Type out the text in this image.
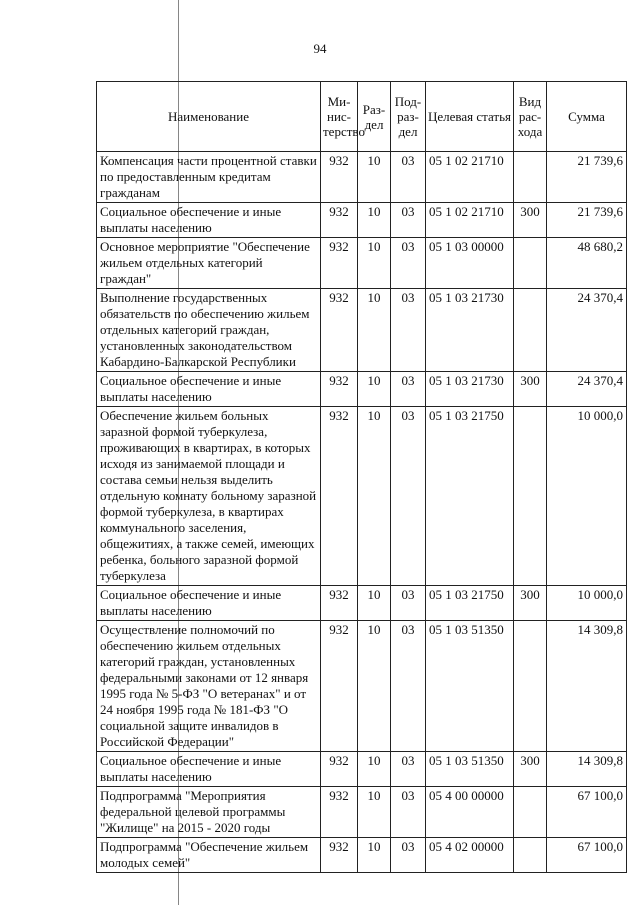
94
Наименование	Ми-нис-терство	Раз-дел	Под-раз-дел	Целевая статья	Вид рас-хода	Сумма
Компенсация части процентной ставки по предоставленным кредитам гражданам	932	10	03	05 1 02 21710		21 739,6
Социальное обеспечение и иные выплаты населению	932	10	03	05 1 02 21710	300	21 739,6
Основное мероприятие "Обеспечение жильем отдельных категорий граждан"	932	10	03	05 1 03 00000		48 680,2
Выполнение государственных обязательств по обеспечению жильем отдельных категорий граждан, установленных законодательством Кабардино-Балкарской Республики	932	10	03	05 1 03 21730		24 370,4
Социальное обеспечение и иные выплаты населению	932	10	03	05 1 03 21730	300	24 370,4
Обеспечение жильем больных заразной формой туберкулеза, проживающих в квартирах, в которых исходя из занимаемой площади и состава семьи нельзя выделить отдельную комнату больному заразной формой туберкулеза, в квартирах коммунального заселения, общежитиях, а также семей, имеющих ребенка, больного заразной формой туберкулеза	932	10	03	05 1 03 21750		10 000,0
Социальное обеспечение и иные выплаты населению	932	10	03	05 1 03 21750	300	10 000,0
Осуществление полномочий по обеспечению жильем отдельных категорий граждан, установленных федеральными законами от 12 января 1995 года № 5-ФЗ "О ветеранах" и от 24 ноября 1995 года № 181-ФЗ "О социальной защите инвалидов в Российской Федерации"	932	10	03	05 1 03 51350		14 309,8
Социальное обеспечение и иные выплаты населению	932	10	03	05 1 03 51350	300	14 309,8
Подпрограмма "Мероприятия федеральной целевой программы "Жилище" на 2015 - 2020 годы	932	10	03	05 4 00 00000		67 100,0
Подпрограмма "Обеспечение жильем молодых семей"	932	10	03	05 4 02 00000		67 100,0
